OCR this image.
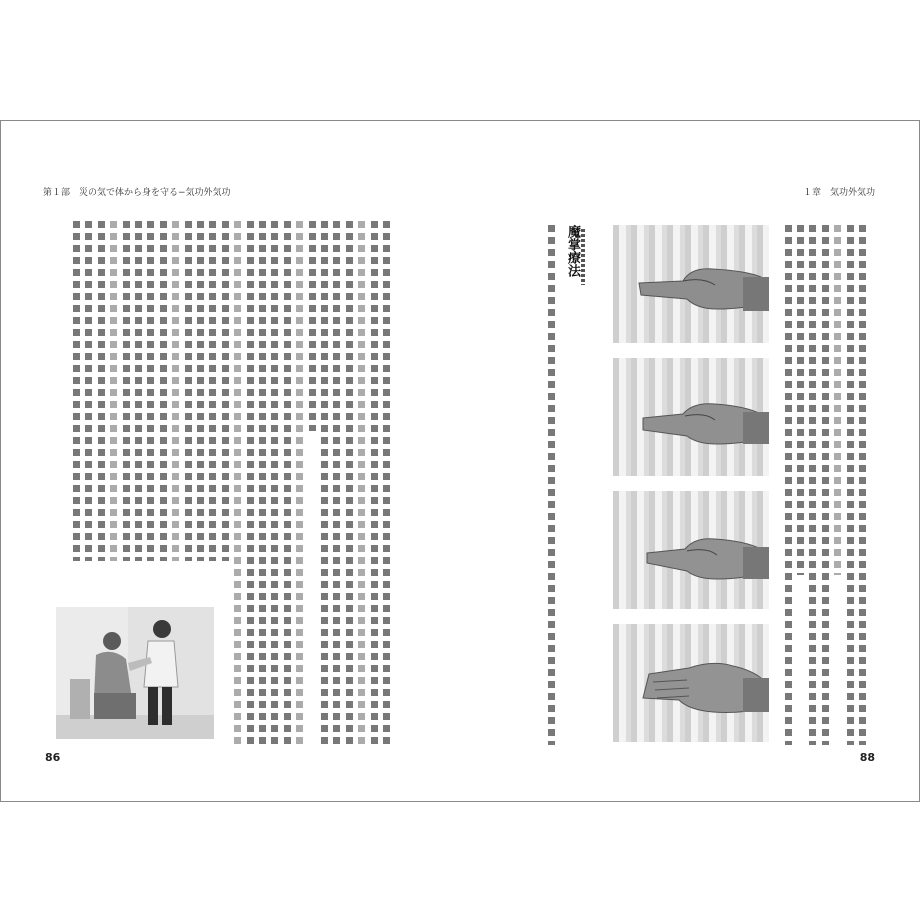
第１部　災の気で体から身を守る−気功外気功
86
１章　気功外気功
魔掌療法
88
